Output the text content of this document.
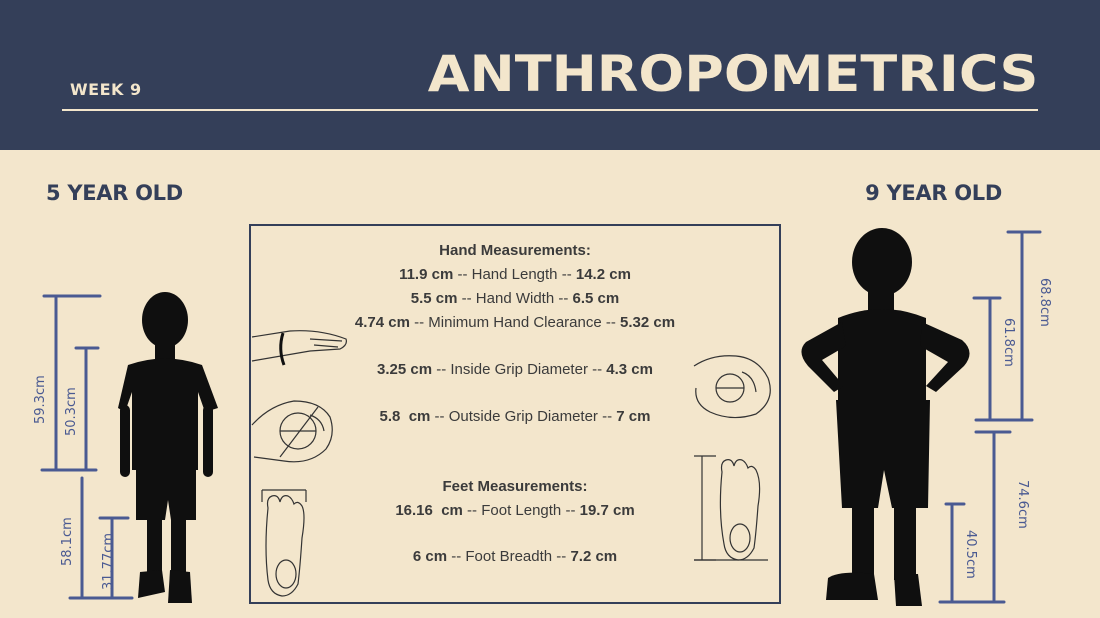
WEEK 9	ANTHROPOMETRICS
5 YEAR OLD	9 YEAR OLD
59.3cm 50.3cm
58.1cm 31.77cm
68.8cm
61.8cm
74.6cm
40.5cm
Hand Measurements:
11.9 cm -- Hand Length -- 14.2 cm
5.5 cm -- Hand Width -- 6.5 cm
4.74 cm -- Minimum Hand Clearance -- 5.32 cm
3.25 cm -- Inside Grip Diameter -- 4.3 cm
5.8  cm -- Outside Grip Diameter -- 7 cm
Feet Measurements:
16.16  cm -- Foot Length -- 19.7 cm
6 cm -- Foot Breadth -- 7.2 cm
